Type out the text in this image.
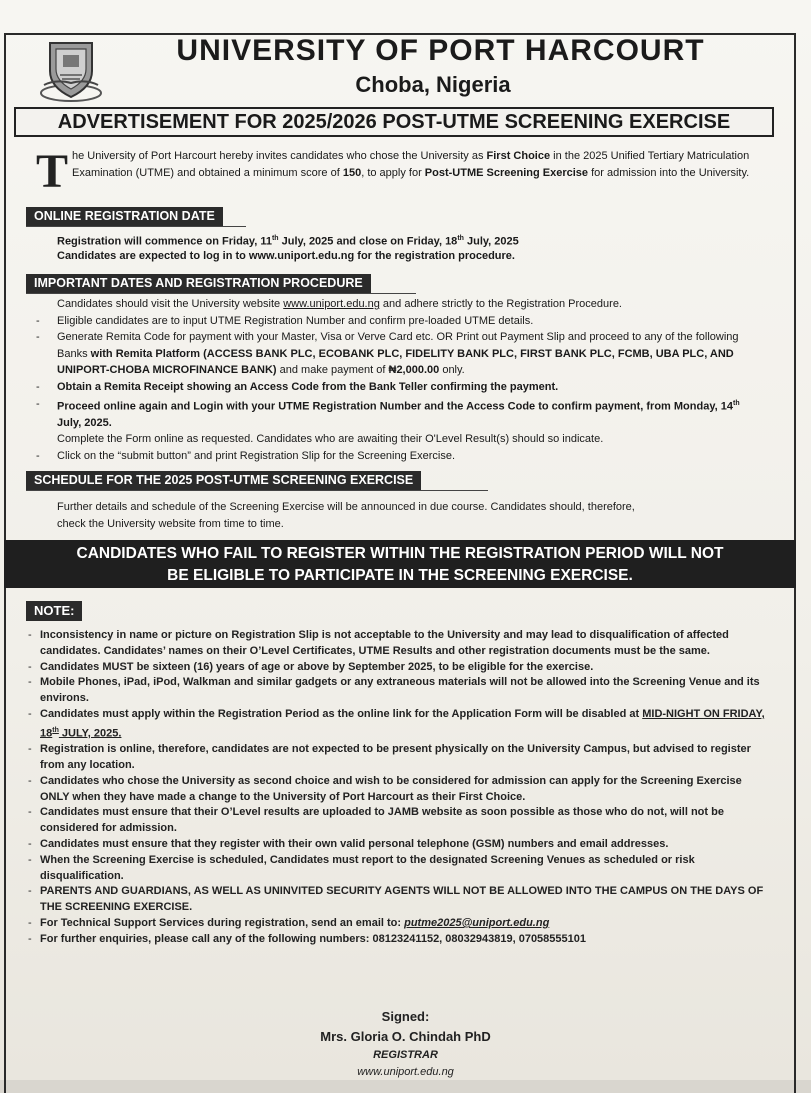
UNIVERSITY OF PORT HARCOURT
Choba, Nigeria
ADVERTISEMENT FOR 2025/2026 POST-UTME SCREENING EXERCISE
T he University of Port Harcourt hereby invites candidates who chose the University as First Choice in the 2025 Unified Tertiary Matriculation Examination (UTME) and obtained a minimum score of 150, to apply for Post-UTME Screening Exercise for admission into the University.
ONLINE REGISTRATION DATE
Registration will commence on Friday, 11th July, 2025 and close on Friday, 18th July, 2025
Candidates are expected to log in to www.uniport.edu.ng for the registration procedure.
IMPORTANT DATES AND REGISTRATION PROCEDURE
Candidates should visit the University website www.uniport.edu.ng and adhere strictly to the Registration Procedure.
- Eligible candidates are to input UTME Registration Number and confirm pre-loaded UTME details.
- Generate Remita Code for payment with your Master, Visa or Verve Card etc. OR Print out Payment Slip and proceed to any of the following Banks with Remita Platform (ACCESS BANK PLC, ECOBANK PLC, FIDELITY BANK PLC, FIRST BANK PLC, FCMB, UBA PLC, AND UNIPORT-CHOBA MICROFINANCE BANK) and make payment of ₦2,000.00 only.
- Obtain a Remita Receipt showing an Access Code from the Bank Teller confirming the payment.
- Proceed online again and Login with your UTME Registration Number and the Access Code to confirm payment, from Monday, 14th July, 2025.
Complete the Form online as requested. Candidates who are awaiting their O'Level Result(s) should so indicate.
- Click on the “submit button” and print Registration Slip for the Screening Exercise.
SCHEDULE FOR THE 2025 POST-UTME SCREENING EXERCISE
Further details and schedule of the Screening Exercise will be announced in due course. Candidates should, therefore,
check the University website from time to time.
CANDIDATES WHO FAIL TO REGISTER WITHIN THE REGISTRATION PERIOD WILL NOT
BE ELIGIBLE TO PARTICIPATE IN THE SCREENING EXERCISE.
NOTE:
- Inconsistency in name or picture on Registration Slip is not acceptable to the University and may lead to disqualification of affected candidates. Candidates’ names on their O’Level Certificates, UTME Results and other registration documents must be the same.
- Candidates MUST be sixteen (16) years of age or above by September 2025, to be eligible for the exercise.
- Mobile Phones, iPad, iPod, Walkman and similar gadgets or any extraneous materials will not be allowed into the Screening Venue and its environs.
- Candidates must apply within the Registration Period as the online link for the Application Form will be disabled at MID-NIGHT ON FRIDAY, 18th JULY, 2025.
- Registration is online, therefore, candidates are not expected to be present physically on the University Campus, but advised to register from any location.
- Candidates who chose the University as second choice and wish to be considered for admission can apply for the Screening Exercise ONLY when they have made a change to the University of Port Harcourt as their First Choice.
- Candidates must ensure that their O’Level results are uploaded to JAMB website as soon possible as those who do not, will not be considered for admission.
- Candidates must ensure that they register with their own valid personal telephone (GSM) numbers and email addresses.
- When the Screening Exercise is scheduled, Candidates must report to the designated Screening Venues as scheduled or risk disqualification.
- PARENTS AND GUARDIANS, AS WELL AS UNINVITED SECURITY AGENTS WILL NOT BE ALLOWED INTO THE CAMPUS ON THE DAYS OF THE SCREENING EXERCISE.
- For Technical Support Services during registration, send an email to: putme2025@uniport.edu.ng
- For further enquiries, please call any of the following numbers: 08123241152, 08032943819, 07058555101
Signed:
Mrs. Gloria O. Chindah PhD
REGISTRAR
www.uniport.edu.ng
